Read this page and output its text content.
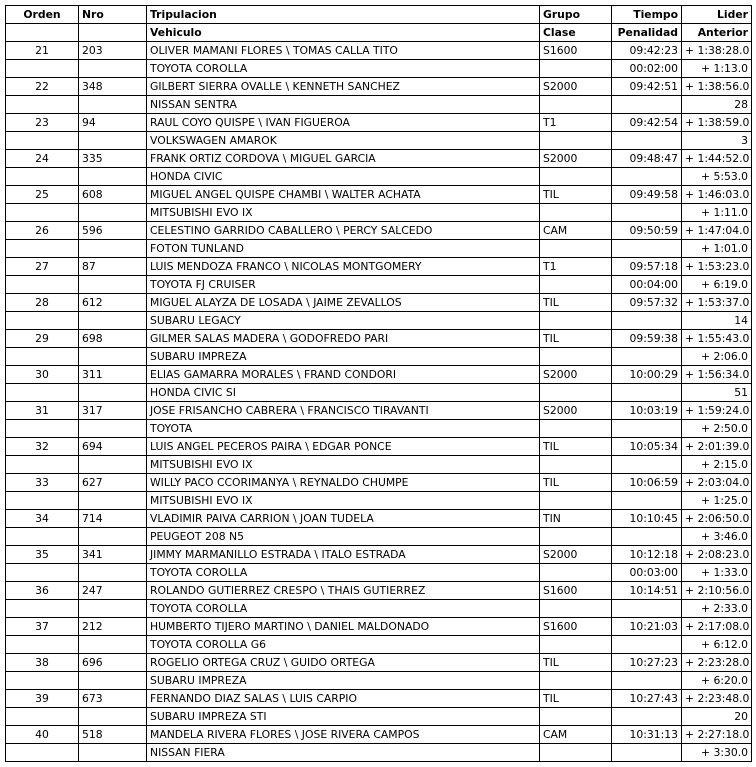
Orden	Nro	Tripulacion	Grupo	Tiempo	Lider
		Vehiculo	Clase	Penalidad	Anterior
21	203	OLIVER MAMANI FLORES \ TOMAS CALLA TITO	S1600	09:42:23	+ 1:38:28.0
		TOYOTA COROLLA		00:02:00	+ 1:13.0
22	348	GILBERT SIERRA OVALLE \ KENNETH SANCHEZ	S2000	09:42:51	+ 1:38:56.0
		NISSAN SENTRA			28
23	94	RAUL COYO QUISPE \ IVAN FIGUEROA	T1	09:42:54	+ 1:38:59.0
		VOLKSWAGEN AMAROK			3
24	335	FRANK ORTIZ CORDOVA \ MIGUEL GARCIA	S2000	09:48:47	+ 1:44:52.0
		HONDA CIVIC			+ 5:53.0
25	608	MIGUEL ANGEL QUISPE CHAMBI \ WALTER ACHATA	TIL	09:49:58	+ 1:46:03.0
		MITSUBISHI EVO IX			+ 1:11.0
26	596	CELESTINO GARRIDO CABALLERO \ PERCY SALCEDO	CAM	09:50:59	+ 1:47:04.0
		FOTON TUNLAND			+ 1:01.0
27	87	LUIS MENDOZA FRANCO \ NICOLAS MONTGOMERY	T1	09:57:18	+ 1:53:23.0
		TOYOTA FJ CRUISER		00:04:00	+ 6:19.0
28	612	MIGUEL ALAYZA DE LOSADA \ JAIME ZEVALLOS	TIL	09:57:32	+ 1:53:37.0
		SUBARU LEGACY			14
29	698	GILMER SALAS MADERA \ GODOFREDO PARI	TIL	09:59:38	+ 1:55:43.0
		SUBARU IMPREZA			+ 2:06.0
30	311	ELIAS GAMARRA MORALES \ FRAND CONDORI	S2000	10:00:29	+ 1:56:34.0
		HONDA CIVIC SI			51
31	317	JOSE FRISANCHO CABRERA \ FRANCISCO TIRAVANTI	S2000	10:03:19	+ 1:59:24.0
		TOYOTA			+ 2:50.0
32	694	LUIS ANGEL PECEROS PAIRA \ EDGAR PONCE	TIL	10:05:34	+ 2:01:39.0
		MITSUBISHI EVO IX			+ 2:15.0
33	627	WILLY PACO CCORIMANYA \ REYNALDO CHUMPE	TIL	10:06:59	+ 2:03:04.0
		MITSUBISHI EVO IX			+ 1:25.0
34	714	VLADIMIR PAIVA CARRION \ JOAN TUDELA	TIN	10:10:45	+ 2:06:50.0
		PEUGEOT 208 N5			+ 3:46.0
35	341	JIMMY MARMANILLO ESTRADA \ ITALO ESTRADA	S2000	10:12:18	+ 2:08:23.0
		TOYOTA COROLLA		00:03:00	+ 1:33.0
36	247	ROLANDO GUTIERREZ CRESPO \ THAIS GUTIERREZ	S1600	10:14:51	+ 2:10:56.0
		TOYOTA COROLLA			+ 2:33.0
37	212	HUMBERTO TIJERO MARTINO \ DANIEL MALDONADO	S1600	10:21:03	+ 2:17:08.0
		TOYOTA COROLLA G6			+ 6:12.0
38	696	ROGELIO ORTEGA CRUZ \ GUIDO ORTEGA	TIL	10:27:23	+ 2:23:28.0
		SUBARU IMPREZA			+ 6:20.0
39	673	FERNANDO DIAZ SALAS \ LUIS CARPIO	TIL	10:27:43	+ 2:23:48.0
		SUBARU IMPREZA STI			20
40	518	MANDELA RIVERA FLORES \ JOSE RIVERA CAMPOS	CAM	10:31:13	+ 2:27:18.0
		NISSAN FIERA			+ 3:30.0
